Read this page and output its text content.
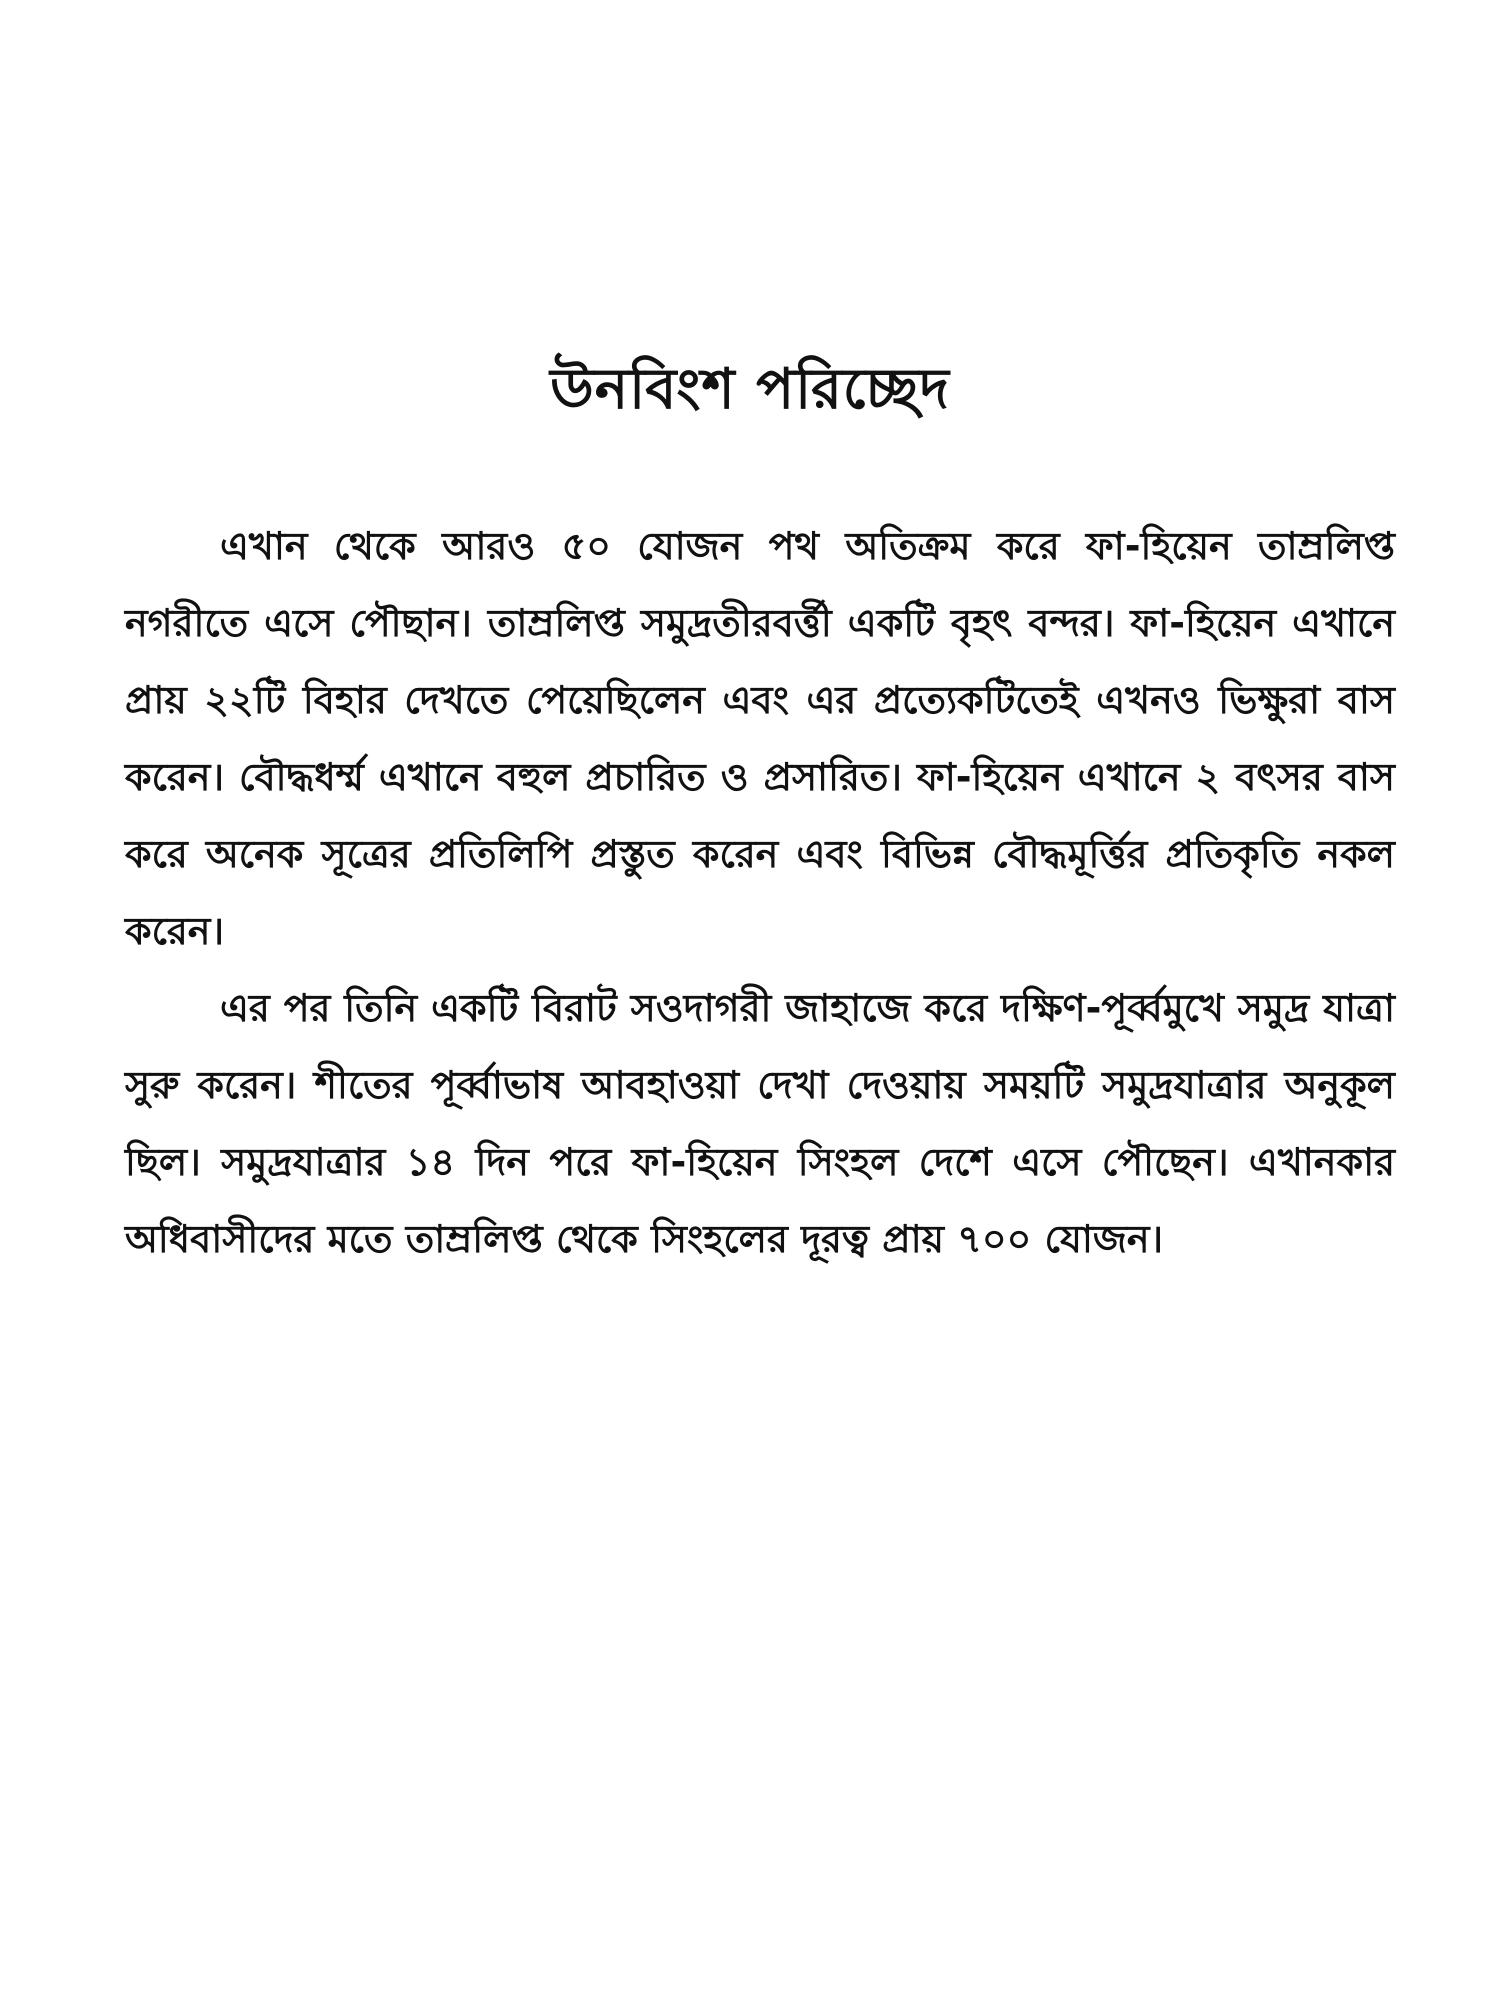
উনবিংশ পরিচ্ছেদ

এখান থেকে আরও ৫০ যোজন পথ অতিক্রম করে ফা-হিয়েন তাম্রলিপ্ত নগরীতে এসে পৌছান। তাম্রলিপ্ত সমুদ্রতীরবর্ত্তী একটি বৃহৎ বন্দর। ফা-হিয়েন এখানে প্রায় ২২টি বিহার দেখতে পেয়েছিলেন এবং এর প্রত্যেকটিতেই এখনও ভিক্ষুরা বাস করেন। বৌদ্ধধর্ম্ম এখানে বহুল প্রচারিত ও প্রসারিত। ফা-হিয়েন এখানে ২ বৎসর বাস করে অনেক সূত্রের প্রতিলিপি প্রস্তুত করেন এবং বিভিন্ন বৌদ্ধমূর্ত্তির প্রতিকৃতি নকল করেন।

এর পর তিনি একটি বিরাট সওদাগরী জাহাজে করে দক্ষিণ-পূর্ব্বমুখে সমুদ্র যাত্রা সুরু করেন। শীতের পূর্ব্বাভাষ আবহাওয়া দেখা দেওয়ায় সময়টি সমুদ্রযাত্রার অনুকূল ছিল। সমুদ্রযাত্রার ১৪ দিন পরে ফা-হিয়েন সিংহল দেশে এসে পৌছেন। এখানকার অধিবাসীদের মতে তাম্রলিপ্ত থেকে সিংহলের দূরত্ব প্রায় ৭০০ যোজন।
